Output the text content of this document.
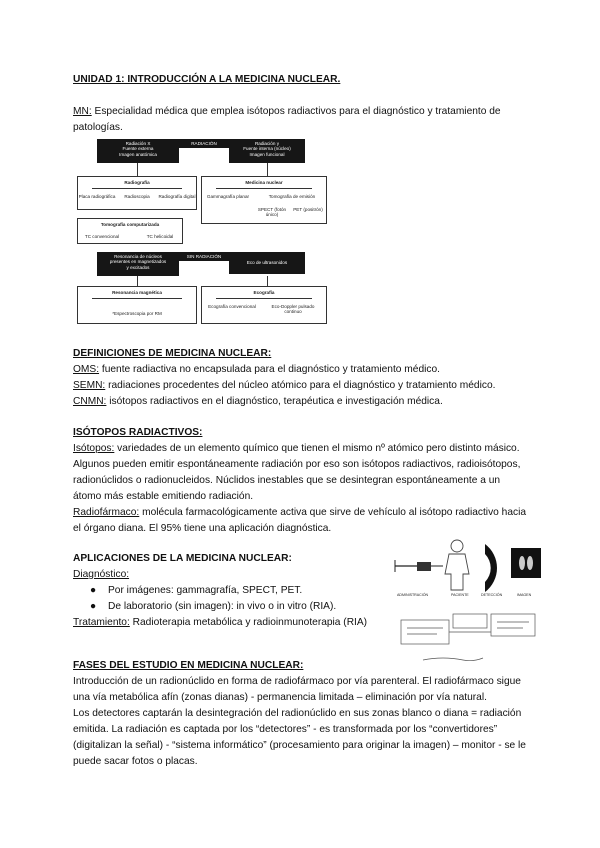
UNIDAD 1: INTRODUCCIÓN A LA MEDICINA NUCLEAR.
MN: Especialidad médica que emplea isótopos radiactivos para el diagnóstico y tratamiento de
patologías.
Radiación X
Fuente externa
Imagen anatómica
RADIACIÓN	Radiación γ
Fuente interna (núcleo)
Imagen funcional
Radiografía
Placa radiográfica	Radioscopia	Radiografía digital
Medicina nuclear
Gammagrafía planar	Tomografía de emisión
SPECT (fotón único)
PET (positrón)
Tomografía computarizada
TC convencional	TC helicoidal
Resonancia de núcleos
presentes en magnetizados
y excitados
SIN RADIACIÓN
Eco de ultrasonidos
Resonancia magnética
*Espectroscopia por RM
Ecografía
Ecografía convencional	Eco-Doppler pulsado continuo
DEFINICIONES DE MEDICINA NUCLEAR:
OMS: fuente radiactiva no encapsulada para el diagnóstico y tratamiento médico.
SEMN: radiaciones procedentes del núcleo atómico para el diagnóstico y tratamiento médico.
CNMN: isótopos radiactivos en el diagnóstico, terapéutica e investigación médica.
ISÓTOPOS RADIACTIVOS:
Isótopos: variedades de un elemento químico que tienen el mismo nº atómico pero distinto másico.
Algunos pueden emitir espontáneamente radiación por eso son isótopos radiactivos, radioisótopos,
radionúclidos o radionucleidos. Núclidos inestables que se desintegran espontáneamente a un
átomo más estable emitiendo radiación.
Radiofármaco: molécula farmacológicamente activa que sirve de vehículo al isótopo radiactivo hacia
el órgano diana. El 95% tiene una aplicación diagnóstica.
APLICACIONES DE LA MEDICINA NUCLEAR:
Diagnóstico:
● Por imágenes: gammagrafía, SPECT, PET.
● De laboratorio (sin imagen): in vivo o in vitro (RIA).
Tratamiento: Radioterapia metabólica y radioinmunoterapia (RIA)
ADMINISTRACIÓN	PACIENTE	DETECCIÓN	IMAGEN
FASES DEL ESTUDIO EN MEDICINA NUCLEAR:
Introducción de un radionúclido en forma de radiofármaco por vía parenteral. El radiofármaco sigue
una vía metabólica afín (zonas dianas) - permanencia limitada – eliminación por vía natural.
Los detectores captarán la desintegración del radionúclido en sus zonas blanco o diana = radiación
emitida. La radiación es captada por los “detectores” - es transformada por los “convertidores”
(digitalizan la señal) - “sistema informático” (procesamiento para originar la imagen) – monitor - se le
puede sacar fotos o placas.
